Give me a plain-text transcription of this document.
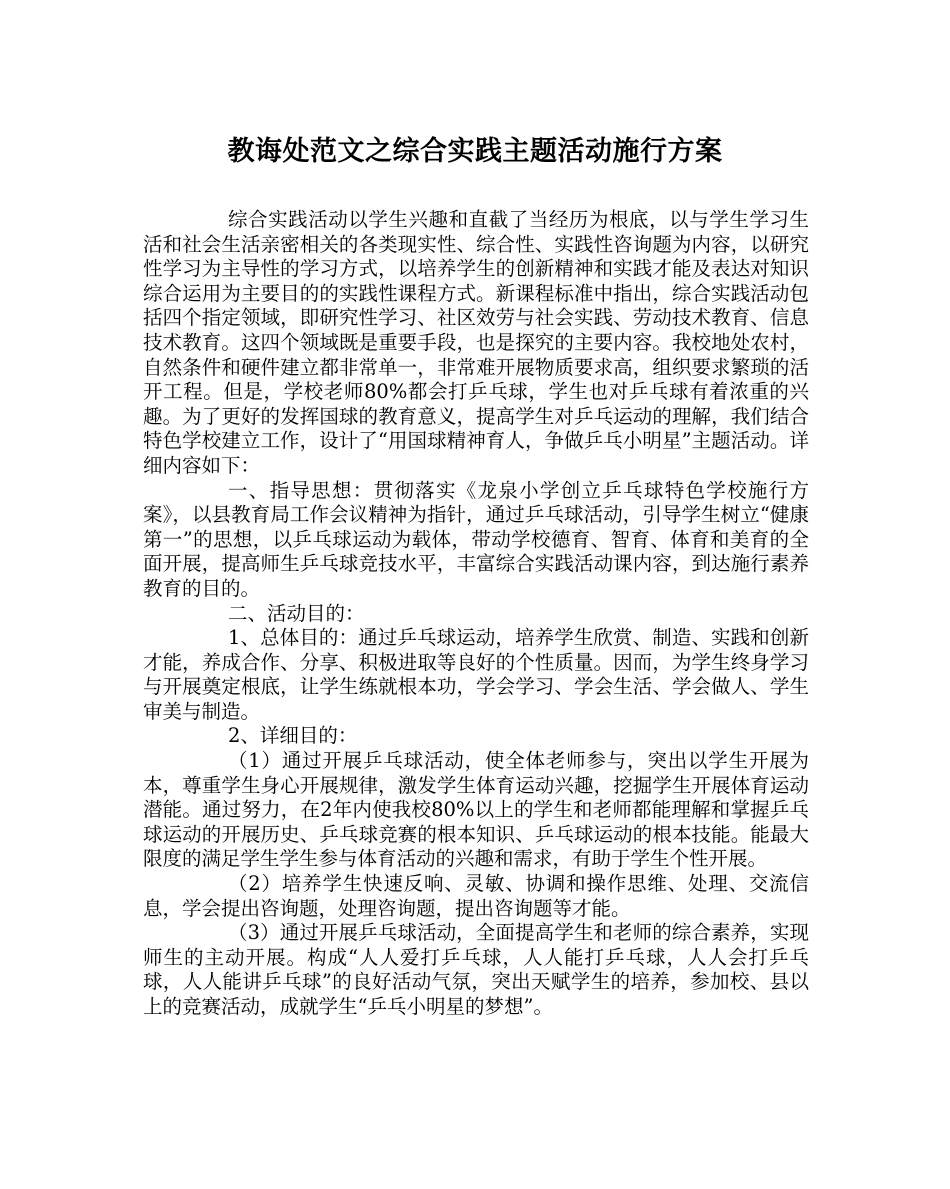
教诲处范文之综合实践主题活动施行方案

综合实践活动以学生兴趣和直截了当经历为根底，以与学生学习生活和社会生活亲密相关的各类现实性、综合性、实践性咨询题为内容，以研究性学习为主导性的学习方式，以培养学生的创新精神和实践才能及表达对知识综合运用为主要目的的实践性课程方式。新课程标准中指出，综合实践活动包括四个指定领域，即研究性学习、社区效劳与社会实践、劳动技术教育、信息技术教育。这四个领域既是重要手段，也是探究的主要内容。我校地处农村，自然条件和硬件建立都非常单一，非常难开展物质要求高，组织要求繁琐的活开工程。但是，学校老师80%都会打乒乓球，学生也对乒乓球有着浓重的兴趣。为了更好的发挥国球的教育意义，提高学生对乒乓运动的理解，我们结合特色学校建立工作，设计了“用国球精神育人，争做乒乓小明星”主题活动。详细内容如下：

一、指导思想：贯彻落实《龙泉小学创立乒乓球特色学校施行方案》，以县教育局工作会议精神为指针，通过乒乓球活动，引导学生树立“健康第一”的思想，以乒乓球运动为载体，带动学校德育、智育、体育和美育的全面开展，提高师生乒乓球竞技水平，丰富综合实践活动课内容，到达施行素养教育的目的。

二、活动目的：

1、总体目的：通过乒乓球运动，培养学生欣赏、制造、实践和创新才能，养成合作、分享、积极进取等良好的个性质量。因而，为学生终身学习与开展奠定根底，让学生练就根本功，学会学习、学会生活、学会做人、学生审美与制造。

2、详细目的：

（1）通过开展乒乓球活动，使全体老师参与，突出以学生开展为本，尊重学生身心开展规律，激发学生体育运动兴趣，挖掘学生开展体育运动潜能。通过努力，在2年内使我校80%以上的学生和老师都能理解和掌握乒乓球运动的开展历史、乒乓球竞赛的根本知识、乒乓球运动的根本技能。能最大限度的满足学生学生参与体育活动的兴趣和需求，有助于学生个性开展。

（2）培养学生快速反响、灵敏、协调和操作思维、处理、交流信息，学会提出咨询题，处理咨询题，提出咨询题等才能。

（3）通过开展乒乓球活动，全面提高学生和老师的综合素养，实现师生的主动开展。构成“人人爱打乒乓球，人人能打乒乓球，人人会打乒乓球，人人能讲乒乓球”的良好活动气氛，突出天赋学生的培养，参加校、县以上的竞赛活动，成就学生“乒乓小明星的梦想”。
